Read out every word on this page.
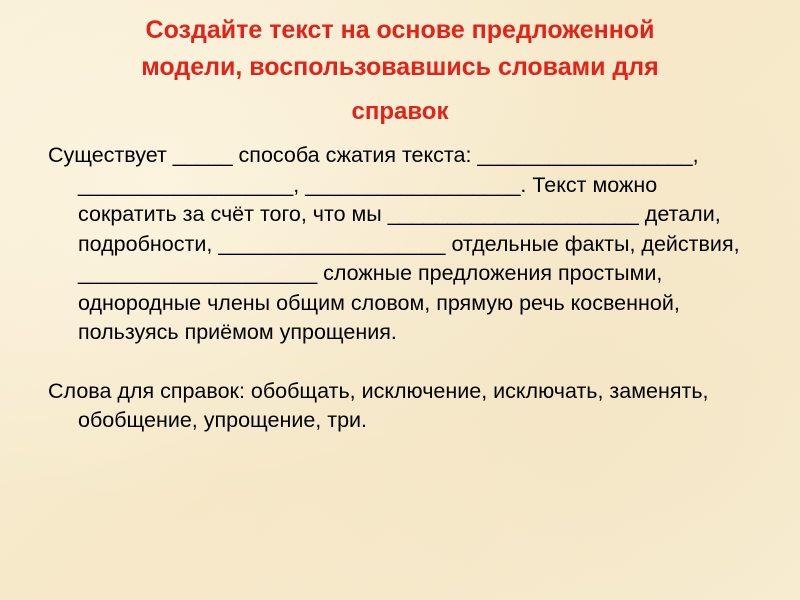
Создайте текст на основе предложенной
модели, воспользовавшись словами для
справок

Существует _____ способа сжатия текста: __________________, __________________, __________________. Текст можно сократить за счёт того, что мы _____________________ детали, подробности, ___________________ отдельные факты, действия, ____________________ сложные предложения простыми, однородные члены общим словом, прямую речь косвенной, пользуясь приёмом упрощения.

Слова для справок: обобщать, исключение, исключать, заменять, обобщение, упрощение, три.
